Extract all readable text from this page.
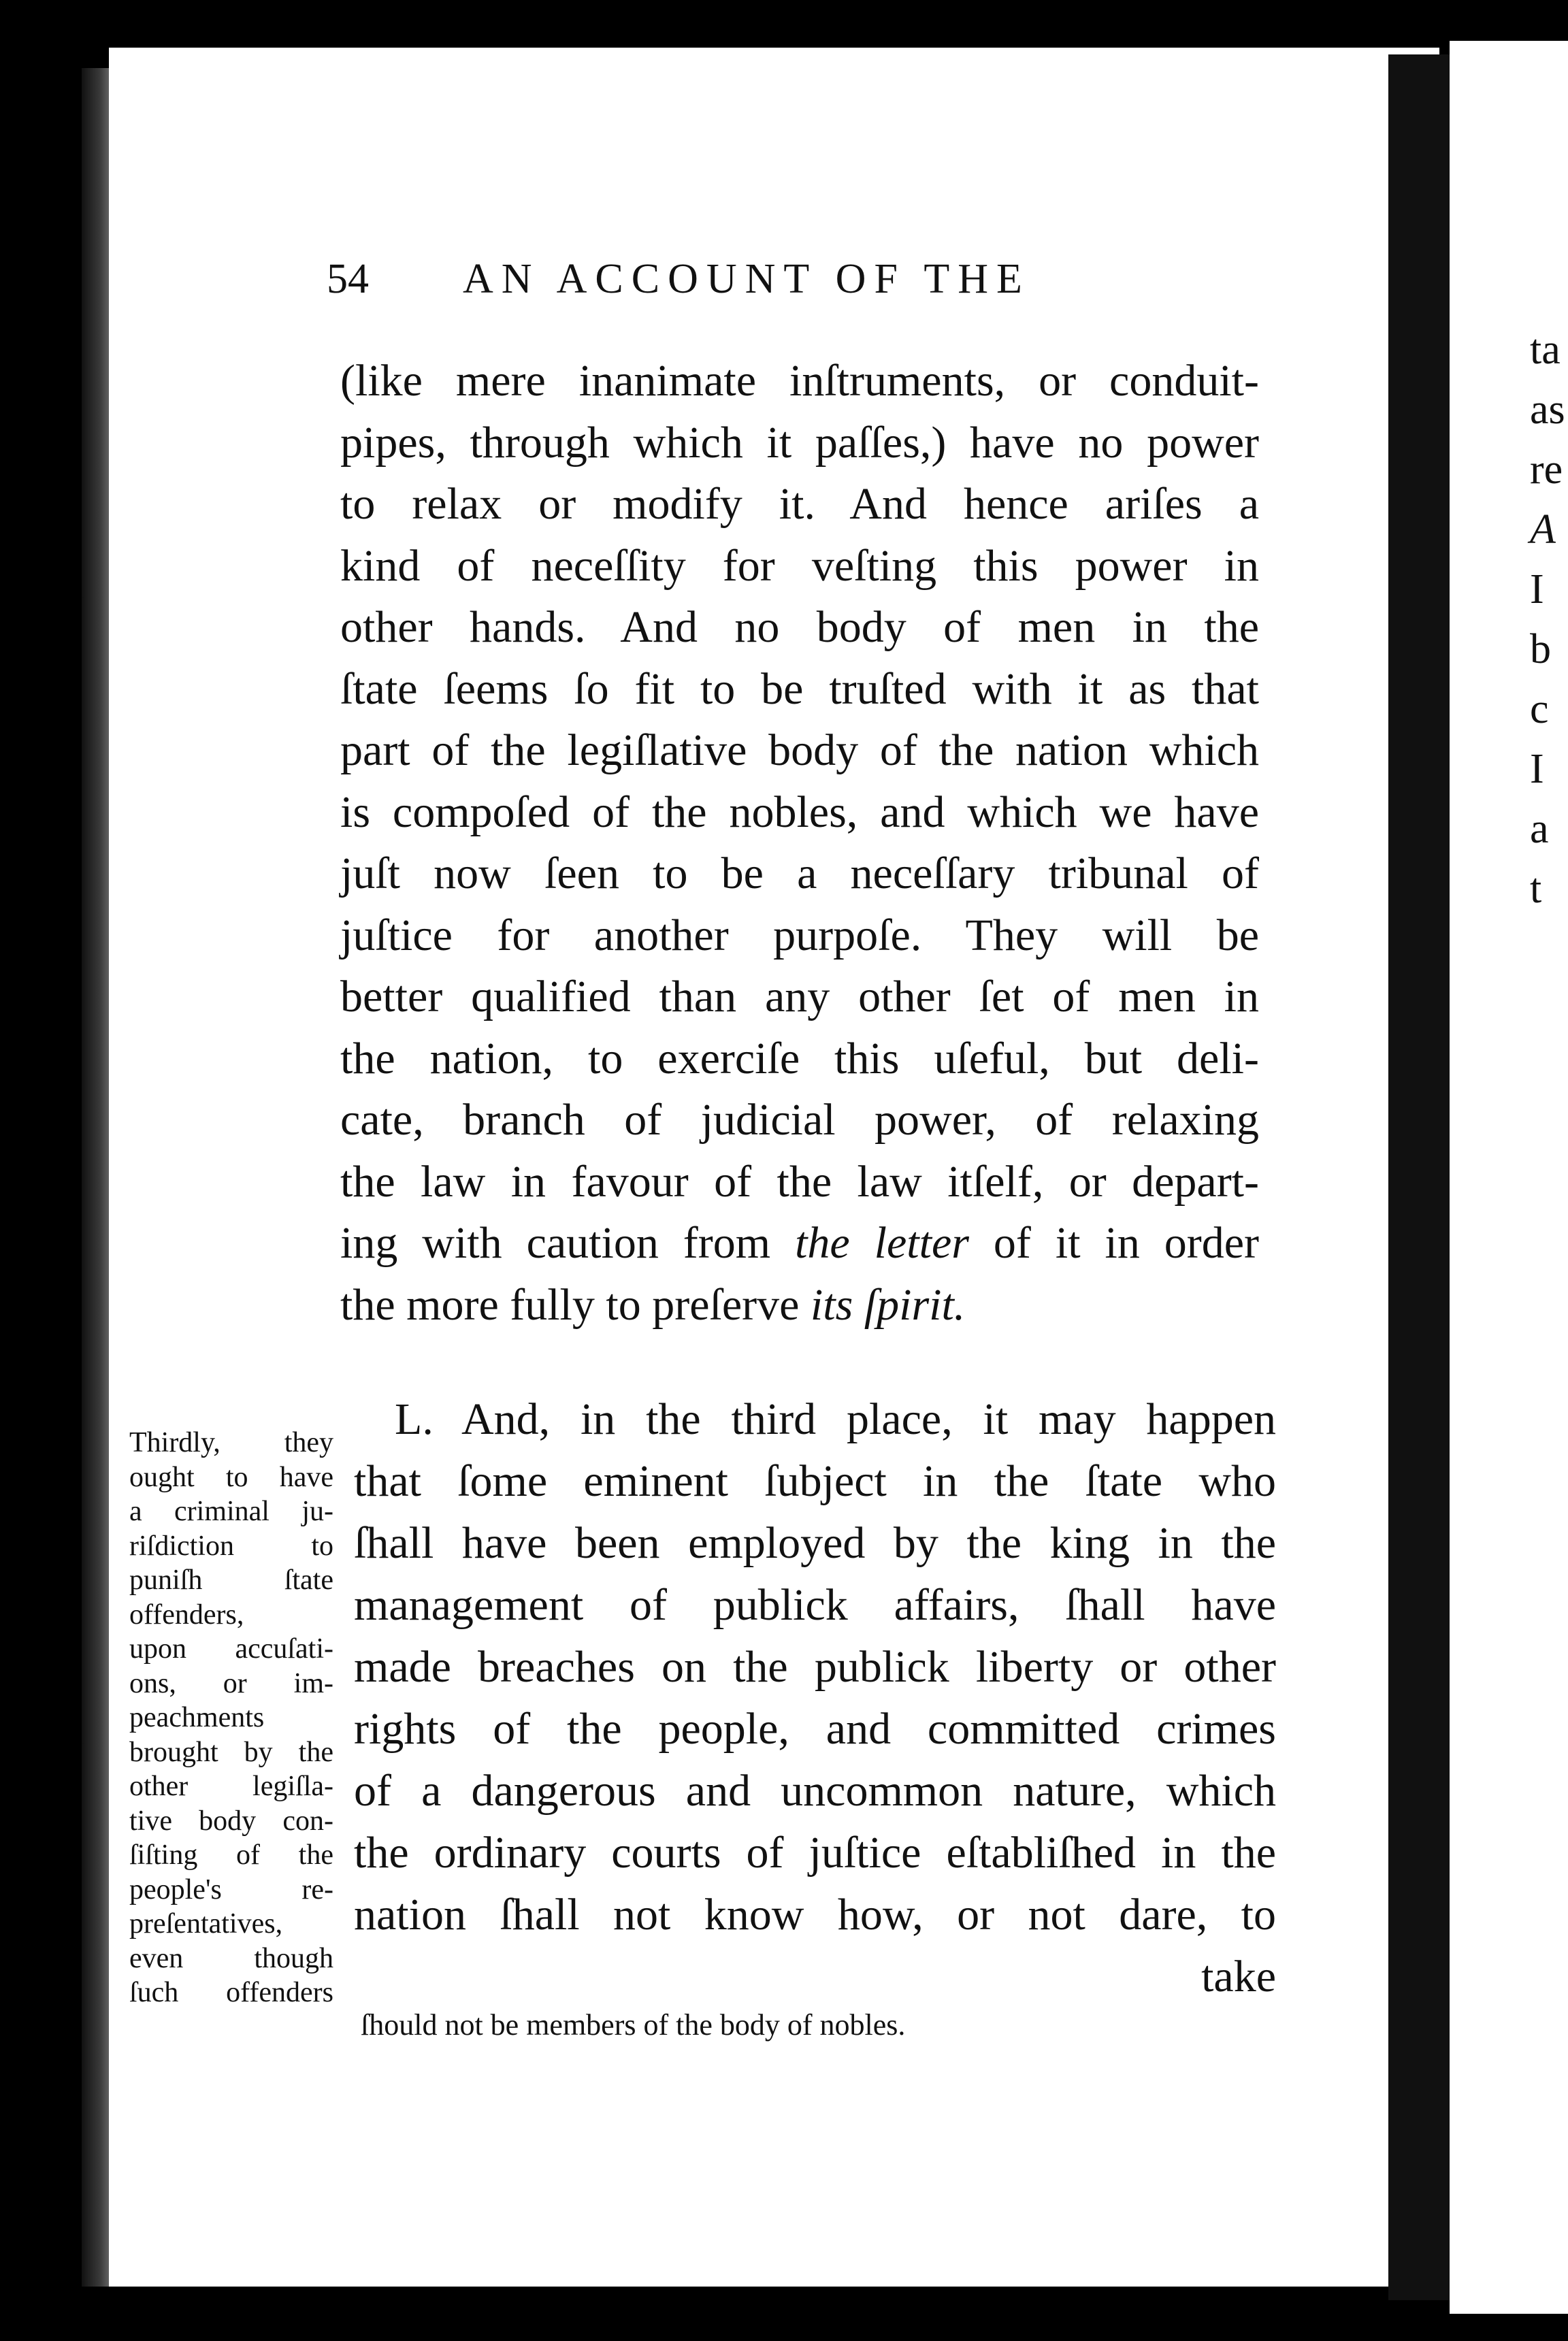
ta
as
re
A
I
b
c
I
a
t
54 AN ACCOUNT OF THE
(like mere inanimate inſtruments, or conduit-
pipes, through which it paſſes,) have no power
to relax or modify it. And hence ariſes a
kind of neceſſity for veſting this power in
other hands. And no body of men in the
ſtate ſeems ſo fit to be truſted with it as that
part of the legiſlative body of the nation which
is compoſed of the nobles, and which we have
juſt now ſeen to be a neceſſary tribunal of
juſtice for another purpoſe. They will be
better qualified than any other ſet of men in
the nation, to exerciſe this uſeful, but deli-
cate, branch of judicial power, of relaxing
the law in favour of the law itſelf, or depart-
ing with caution from the letter of it in order
the more fully to preſerve its ſpirit.
L. And, in the third place, it may happen
that ſome eminent ſubject in the ſtate who
ſhall have been employed by the king in the
management of publick affairs, ſhall have
made breaches on the publick liberty or other
rights of the people, and committed crimes
of a dangerous and uncommon nature, which
the ordinary courts of juſtice eſtabliſhed in the
nation ſhall not know how, or not dare, to
take
Thirdly, they
ought to have
a criminal ju-
riſdiction to
puniſh ſtate
offenders,
upon accuſati-
ons, or im-
peachments
brought by the
other legiſla-
tive body con-
ſiſting of the
people's re-
preſentatives,
even though
ſuch offenders
ſhould not be members of the body of nobles.
